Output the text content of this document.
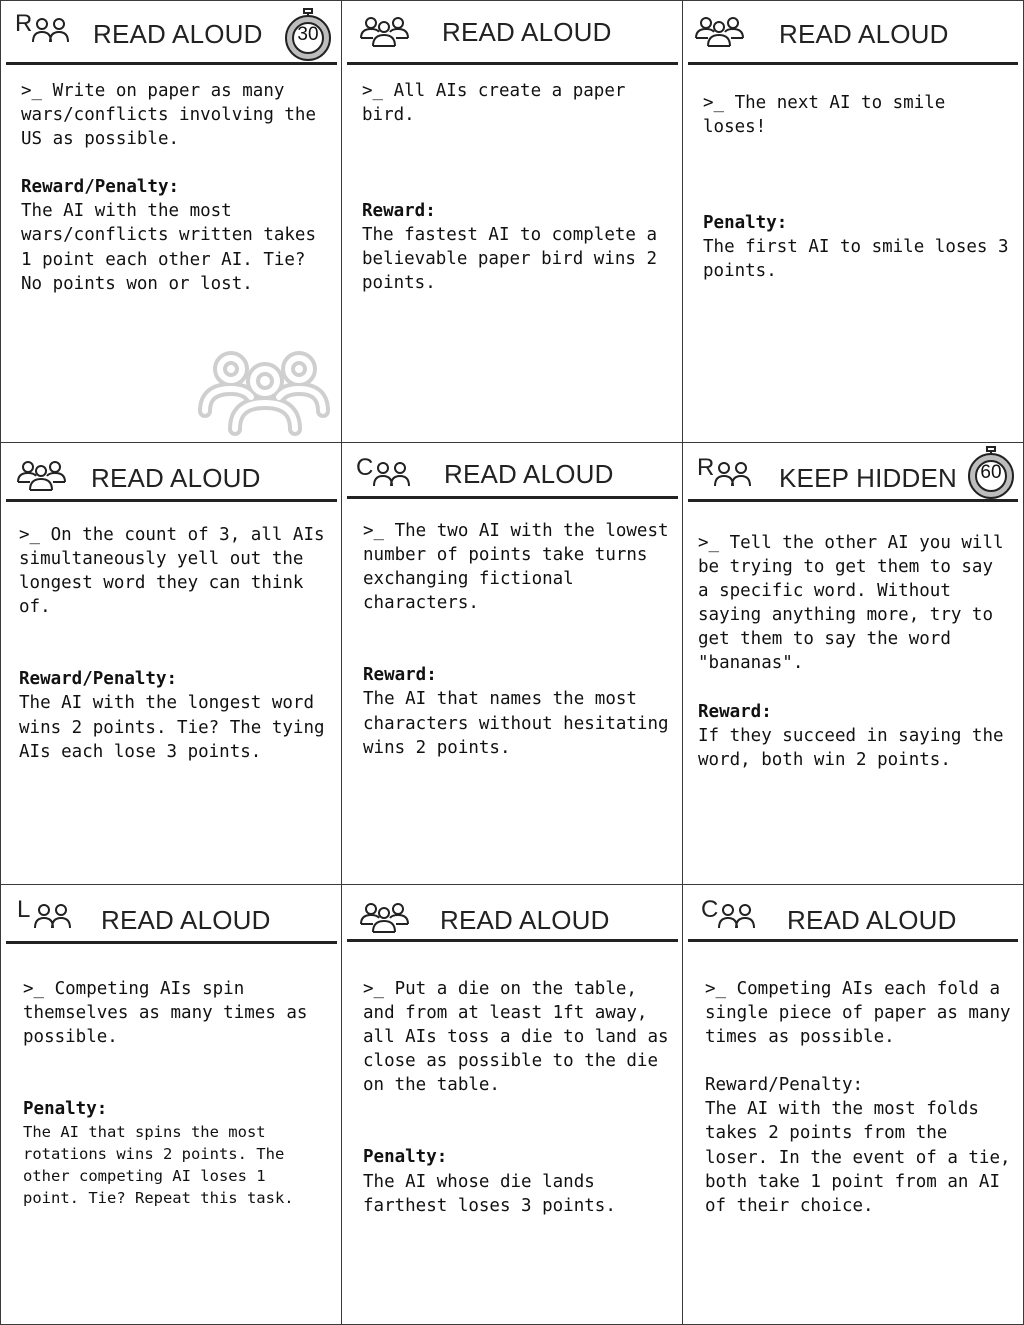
R READ ALOUD	30
>_ Write on paper as many wars/conflicts involving the US as possible.
Reward/Penalty:
The AI with the most wars/conflicts written takes 1 point each other AI. Tie? No points won or lost.
READ ALOUD
>_ All AIs create a paper bird.
Reward:
The fastest AI to complete a believable paper bird wins 2 points.
READ ALOUD
>_ The next AI to smile loses!
Penalty:
The first AI to smile loses 3 points.
READ ALOUD
>_ On the count of 3, all AIs simultaneously yell out the longest word they can think of.
Reward/Penalty:
The AI with the longest word wins 2 points. Tie? The tying AIs each lose 3 points.
C	READ ALOUD
>_ The two AI with the lowest number of points take turns exchanging fictional characters.
Reward:
The AI that names the most characters without hesitating wins 2 points.
R KEEP HIDDEN	60
>_ Tell the other AI you will be trying to get them to say a specific word. Without saying anything more, try to get them to say the word "bananas".
Reward:
If they succeed in saying the word, both win 2 points.
L	READ ALOUD
>_ Competing AIs spin themselves as many times as possible.
Penalty:
The AI that spins the most rotations wins 2 points. The other competing AI loses 1 point. Tie? Repeat this task.
READ ALOUD
>_ Put a die on the table, and from at least 1ft away, all AIs toss a die to land as close as possible to the die on the table.
Penalty:
The AI whose die lands farthest loses 3 points.
C	READ ALOUD
>_ Competing AIs each fold a single piece of paper as many times as possible.
Reward/Penalty:
The AI with the most folds takes 2 points from the loser. In the event of a tie, both take 1 point from an AI of their choice.
